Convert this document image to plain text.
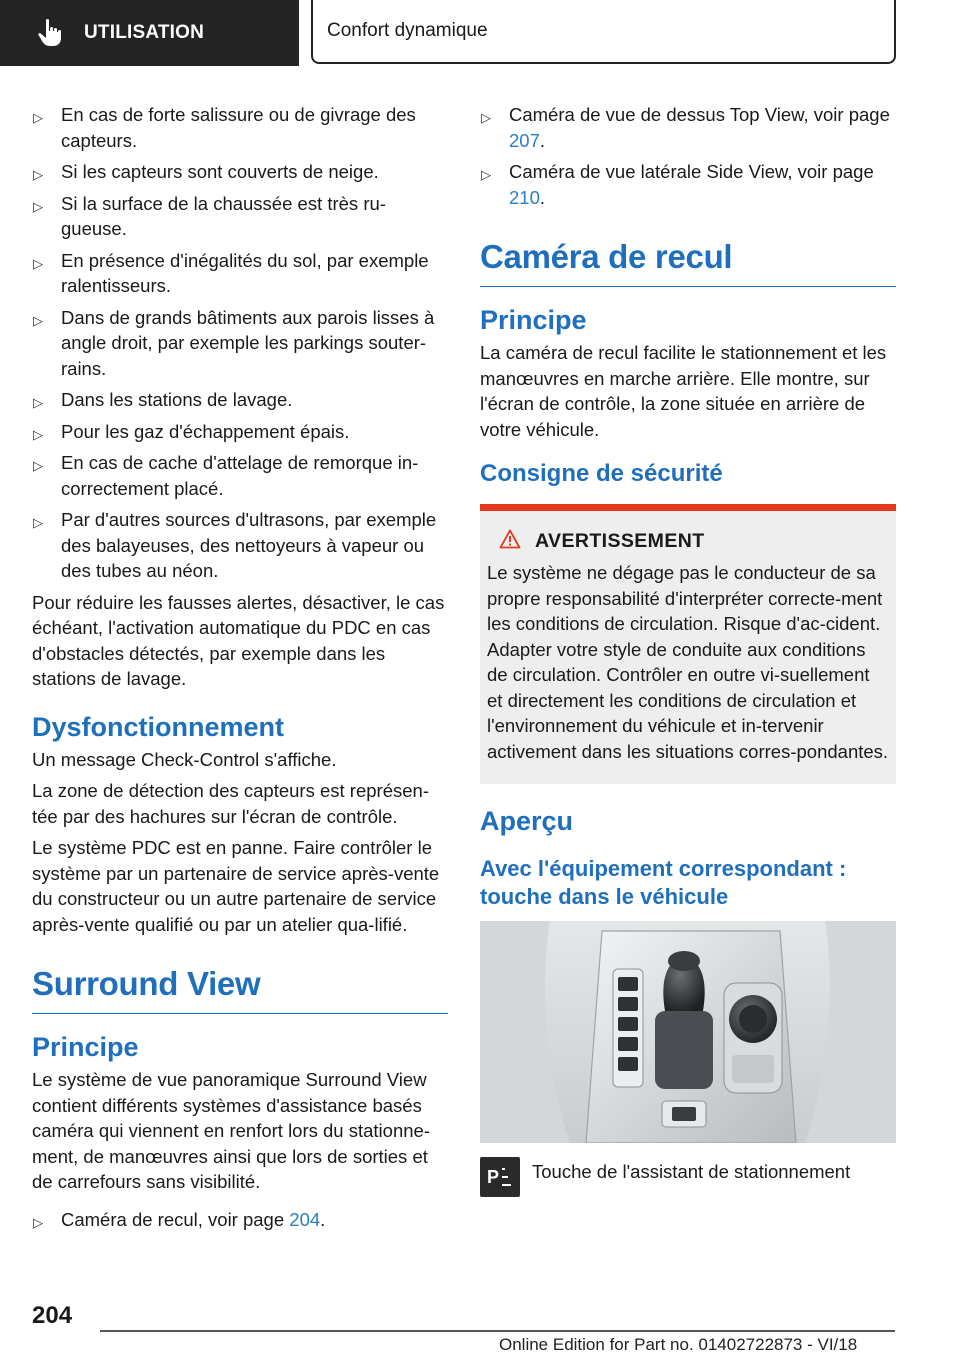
UTILISATION	Confort dynamique
▷ En cas de forte salissure ou de givrage des capteurs.
▷ Si les capteurs sont couverts de neige.
▷ Si la surface de la chaussée est très ru-gueuse.
▷ En présence d'inégalités du sol, par exemple ralentisseurs.
▷ Dans de grands bâtiments aux parois lisses à angle droit, par exemple les parkings souter-rains.
▷ Dans les stations de lavage.
▷ Pour les gaz d'échappement épais.
▷ En cas de cache d'attelage de remorque in-correctement placé.
▷ Par d'autres sources d'ultrasons, par exemple des balayeuses, des nettoyeurs à vapeur ou des tubes au néon.

Pour réduire les fausses alertes, désactiver, le cas échéant, l'activation automatique du PDC en cas d'obstacles détectés, par exemple dans les stations de lavage.

Dysfonctionnement

Un message Check-Control s'affiche.

La zone de détection des capteurs est représen-tée par des hachures sur l'écran de contrôle.

Le système PDC est en panne. Faire contrôler le système par un partenaire de service après-vente du constructeur ou un autre partenaire de service après-vente qualifié ou par un atelier qua-lifié.

Surround View
Principe

Le système de vue panoramique Surround View contient différents systèmes d'assistance basés caméra qui viennent en renfort lors du stationne-ment, de manœuvres ainsi que lors de sorties et de carrefours sans visibilité.

▷ Caméra de recul, voir page 204.
▷ Caméra de vue de dessus Top View, voir page 207.
▷ Caméra de vue latérale Side View, voir page 210.
Caméra de recul
Principe

La caméra de recul facilite le stationnement et les manœuvres en marche arrière. Elle montre, sur l'écran de contrôle, la zone située en arrière de votre véhicule.

Consigne de sécurité
AVERTISSEMENT

Le système ne dégage pas le conducteur de sa propre responsabilité d'interpréter correcte-ment les conditions de circulation. Risque d'ac-cident. Adapter votre style de conduite aux conditions de circulation. Contrôler en outre vi-suellement et directement les conditions de circulation et l'environnement du véhicule et in-tervenir activement dans les situations corres-pondantes.

Aperçu
Avec l'équipement correspondant : touche dans le véhicule
P Touche de l'assistant de stationnement
204
Online Edition for Part no. 01402722873 - VI/18
